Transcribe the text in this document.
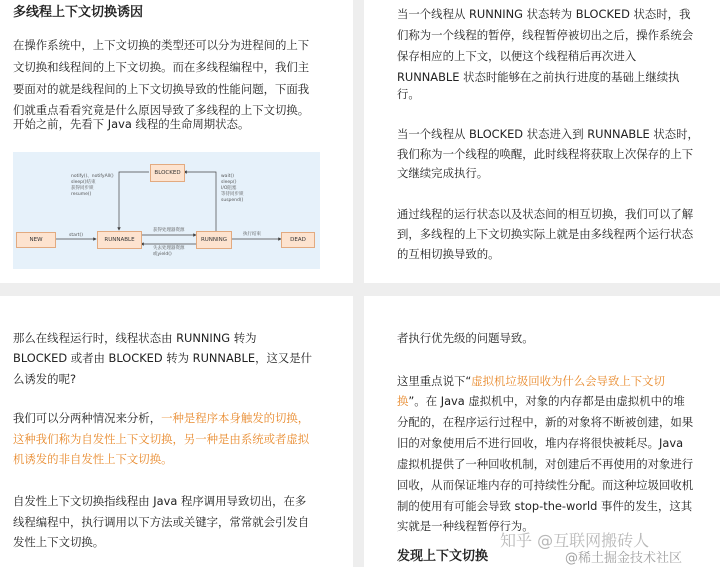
多线程上下文切换诱因
在操作系统中，上下文切换的类型还可以分为进程间的上下
文切换和线程间的上下文切换。而在多线程编程中，我们主
要面对的就是线程间的上下文切换导致的性能问题，下面我
们就重点看看究竟是什么原因导致了多线程的上下文切换。
开始之前，先看下 Java 线程的生命周期状态。
NEW	RUNNABLE
BLOCKED
RUNNING	DEAD
notify()、notifyAll()
sleep()结束
获得同步锁
resume()
wait()
sleep()
I/O阻塞
等待同步锁
suspend()
start()
获得处理器资源
失去处理器资源
或yield()
执行结束
当一个线程从 RUNNING 状态转为 BLOCKED 状态时，我
们称为一个线程的暂停，线程暂停被切出之后，操作系统会
保存相应的上下文，以便这个线程稍后再次进入
RUNNABLE 状态时能够在之前执行进度的基础上继续执
行。
当一个线程从 BLOCKED 状态进入到 RUNNABLE 状态时，
我们称为一个线程的唤醒，此时线程将获取上次保存的上下
文继续完成执行。
通过线程的运行状态以及状态间的相互切换，我们可以了解
到，多线程的上下文切换实际上就是由多线程两个运行状态
的互相切换导致的。
那么在线程运行时，线程状态由 RUNNING 转为
BLOCKED 或者由 BLOCKED 转为 RUNNABLE，这又是什
么诱发的呢?
我们可以分两种情况来分析，一种是程序本身触发的切换，
这种我们称为自发性上下文切换，另一种是由系统或者虚拟
机诱发的非自发性上下文切换。
自发性上下文切换指线程由 Java 程序调用导致切出，在多
线程编程中，执行调用以下方法或关键字，常常就会引发自
发性上下文切换。
者执行优先级的问题导致。
这里重点说下“虚拟机垃圾回收为什么会导致上下文切
换”。在 Java 虚拟机中，对象的内存都是由虚拟机中的堆
分配的，在程序运行过程中，新的对象将不断被创建，如果
旧的对象使用后不进行回收，堆内存将很快被耗尽。Java
虚拟机提供了一种回收机制，对创建后不再使用的对象进行
回收，从而保证堆内存的可持续性分配。而这种垃圾回收机
制的使用有可能会导致 stop-the-world 事件的发生，这其
实就是一种线程暂停行为。
发现上下文切换
知乎 @互联网搬砖人
@稀土掘金技术社区
